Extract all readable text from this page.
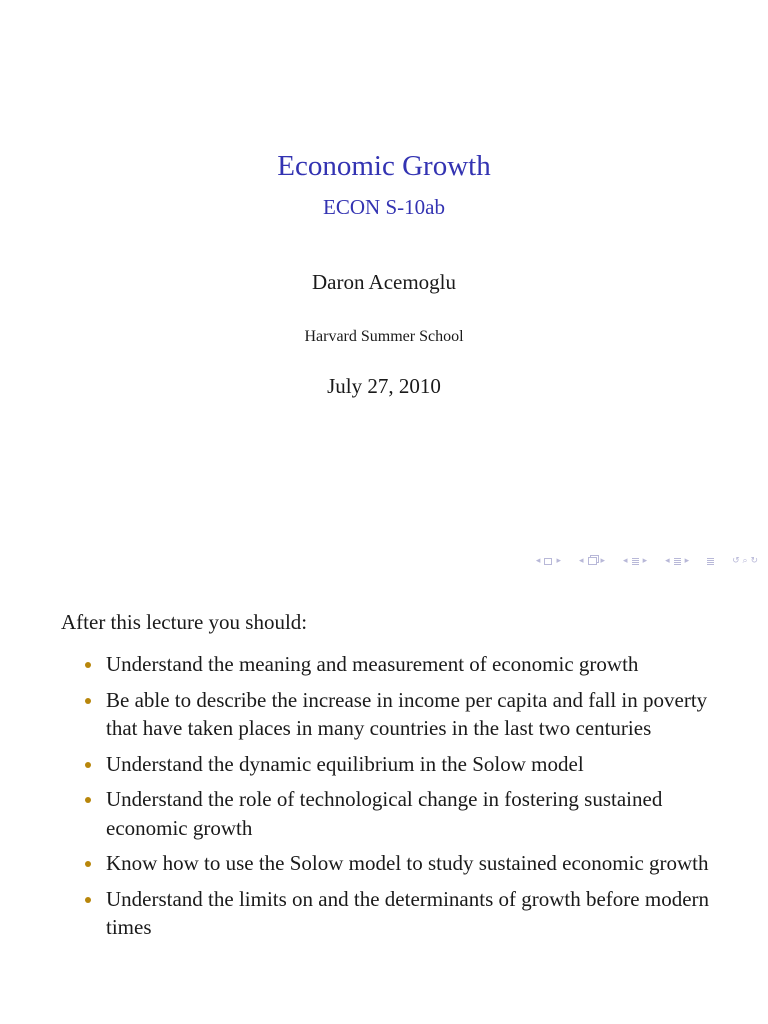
Economic Growth
ECON S-10ab
Daron Acemoglu
Harvard Summer School
July 27, 2010
◂ ▸ ◂ ▸ ◂ ▸ ◂ ▸	↺ ⌕ ↻
After this lecture you should:
Understand the meaning and measurement of economic growth
Be able to describe the increase in income per capita and fall in poverty that have taken places in many countries in the last two centuries
Understand the dynamic equilibrium in the Solow model
Understand the role of technological change in fostering sustained economic growth
Know how to use the Solow model to study sustained economic growth
Understand the limits on and the determinants of growth before modern times
